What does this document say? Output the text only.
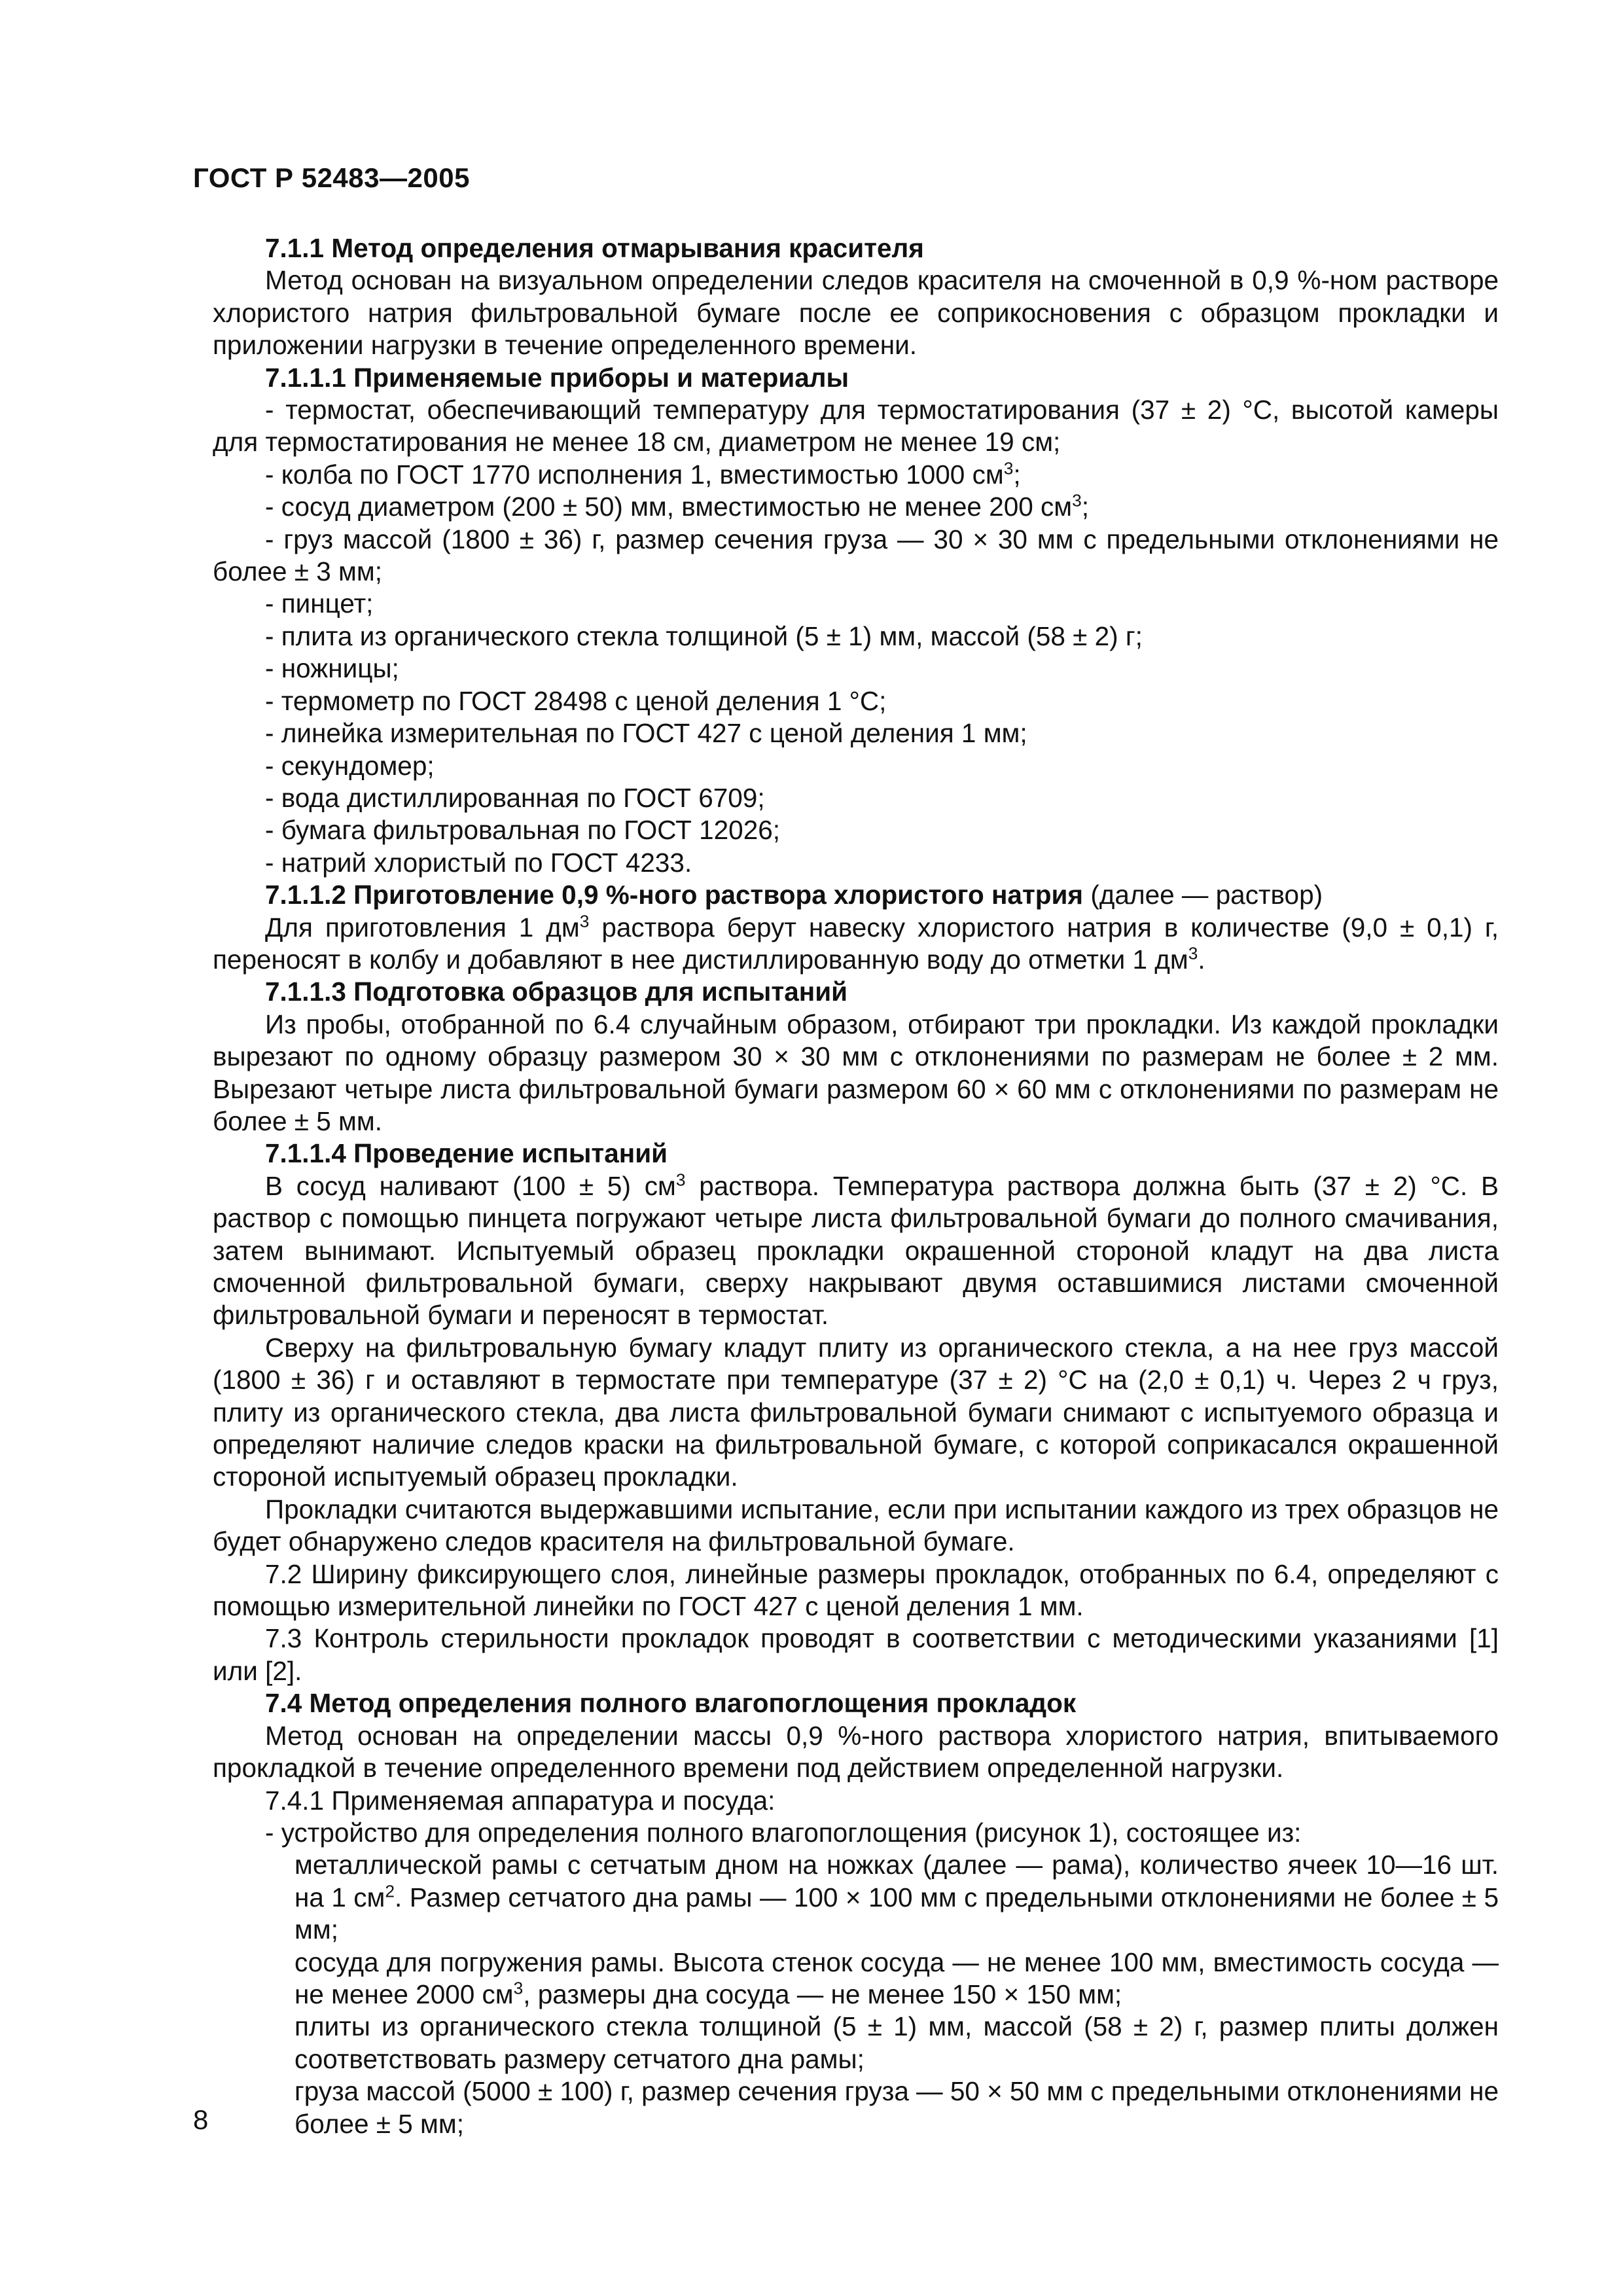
ГОСТ Р 52483—2005

7.1.1 Метод определения отмарывания красителя

Метод основан на визуальном определении следов красителя на смоченной в 0,9 %-ном растворе хлористого натрия фильтровальной бумаге после ее соприкосновения с образцом прокладки и приложении нагрузки в течение определенного времени.

7.1.1.1 Применяемые приборы и материалы

- термостат, обеспечивающий температуру для термостатирования (37 ± 2) °С, высотой камеры для термостатирования не менее 18 см, диаметром не менее 19 см;

- колба по ГОСТ 1770 исполнения 1, вместимостью 1000 $см^3$;

- сосуд диаметром (200 ± 50) мм, вместимостью не менее 200 $см^3$;

- груз массой (1800 ± 36) г, размер сечения груза — 30 × 30 мм с предельными отклонениями не более ± 3 мм;

- пинцет;

- плита из органического стекла толщиной (5 ± 1) мм, массой (58 ± 2) г;

- ножницы;

- термометр по ГОСТ 28498 с ценой деления 1 °С;

- линейка измерительная по ГОСТ 427 с ценой деления 1 мм;

- секундомер;

- вода дистиллированная по ГОСТ 6709;

- бумага фильтровальная по ГОСТ 12026;

- натрий хлористый по ГОСТ 4233.

7.1.1.2 Приготовление 0,9 %-ного раствора хлористого натрия (далее — раствор)

Для приготовления 1 $дм^3$ раствора берут навеску хлористого натрия в количестве (9,0 ± 0,1) г, переносят в колбу и добавляют в нее дистиллированную воду до отметки 1 $дм^3$.

7.1.1.3 Подготовка образцов для испытаний

Из пробы, отобранной по 6.4 случайным образом, отбирают три прокладки. Из каждой прокладки вырезают по одному образцу размером 30 × 30 мм с отклонениями по размерам не более ± 2 мм. Вырезают четыре листа фильтровальной бумаги размером 60 × 60 мм с отклонениями по размерам не более ± 5 мм.

7.1.1.4 Проведение испытаний

В сосуд наливают (100 ± 5) $см^3$ раствора. Температура раствора должна быть (37 ± 2) °С. В раствор с помощью пинцета погружают четыре листа фильтровальной бумаги до полного смачивания, затем вынимают. Испытуемый образец прокладки окрашенной стороной кладут на два листа смоченной фильтровальной бумаги, сверху накрывают двумя оставшимися листами смоченной фильтровальной бумаги и переносят в термостат.

Сверху на фильтровальную бумагу кладут плиту из органического стекла, а на нее груз массой (1800 ± 36) г и оставляют в термостате при температуре (37 ± 2) °С на (2,0 ± 0,1) ч. Через 2 ч груз, плиту из органического стекла, два листа фильтровальной бумаги снимают с испытуемого образца и определяют наличие следов краски на фильтровальной бумаге, с которой соприкасался окрашенной стороной испытуемый образец прокладки.

Прокладки считаются выдержавшими испытание, если при испытании каждого из трех образцов не будет обнаружено следов красителя на фильтровальной бумаге.

7.2 Ширину фиксирующего слоя, линейные размеры прокладок, отобранных по 6.4, определяют с помощью измерительной линейки по ГОСТ 427 с ценой деления 1 мм.

7.3 Контроль стерильности прокладок проводят в соответствии с методическими указаниями [1] или [2].

7.4 Метод определения полного влагопоглощения прокладок

Метод основан на определении массы 0,9 %-ного раствора хлористого натрия, впитываемого прокладкой в течение определенного времени под действием определенной нагрузки.

7.4.1 Применяемая аппаратура и посуда:

- устройство для определения полного влагопоглощения (рисунок 1), состоящее из:

металлической рамы с сетчатым дном на ножках (далее — рама), количество ячеек 10—16 шт. на 1 $см^2$. Размер сетчатого дна рамы — 100 × 100 мм с предельными отклонениями не более ± 5 мм;

сосуда для погружения рамы. Высота стенок сосуда — не менее 100 мм, вместимость сосуда — не менее 2000 $см^3$, размеры дна сосуда — не менее 150 × 150 мм;

плиты из органического стекла толщиной (5 ± 1) мм, массой (58 ± 2) г, размер плиты должен соответствовать размеру сетчатого дна рамы;

груза массой (5000 ± 100) г, размер сечения груза — 50 × 50 мм с предельными отклонениями не более ± 5 мм;

8
